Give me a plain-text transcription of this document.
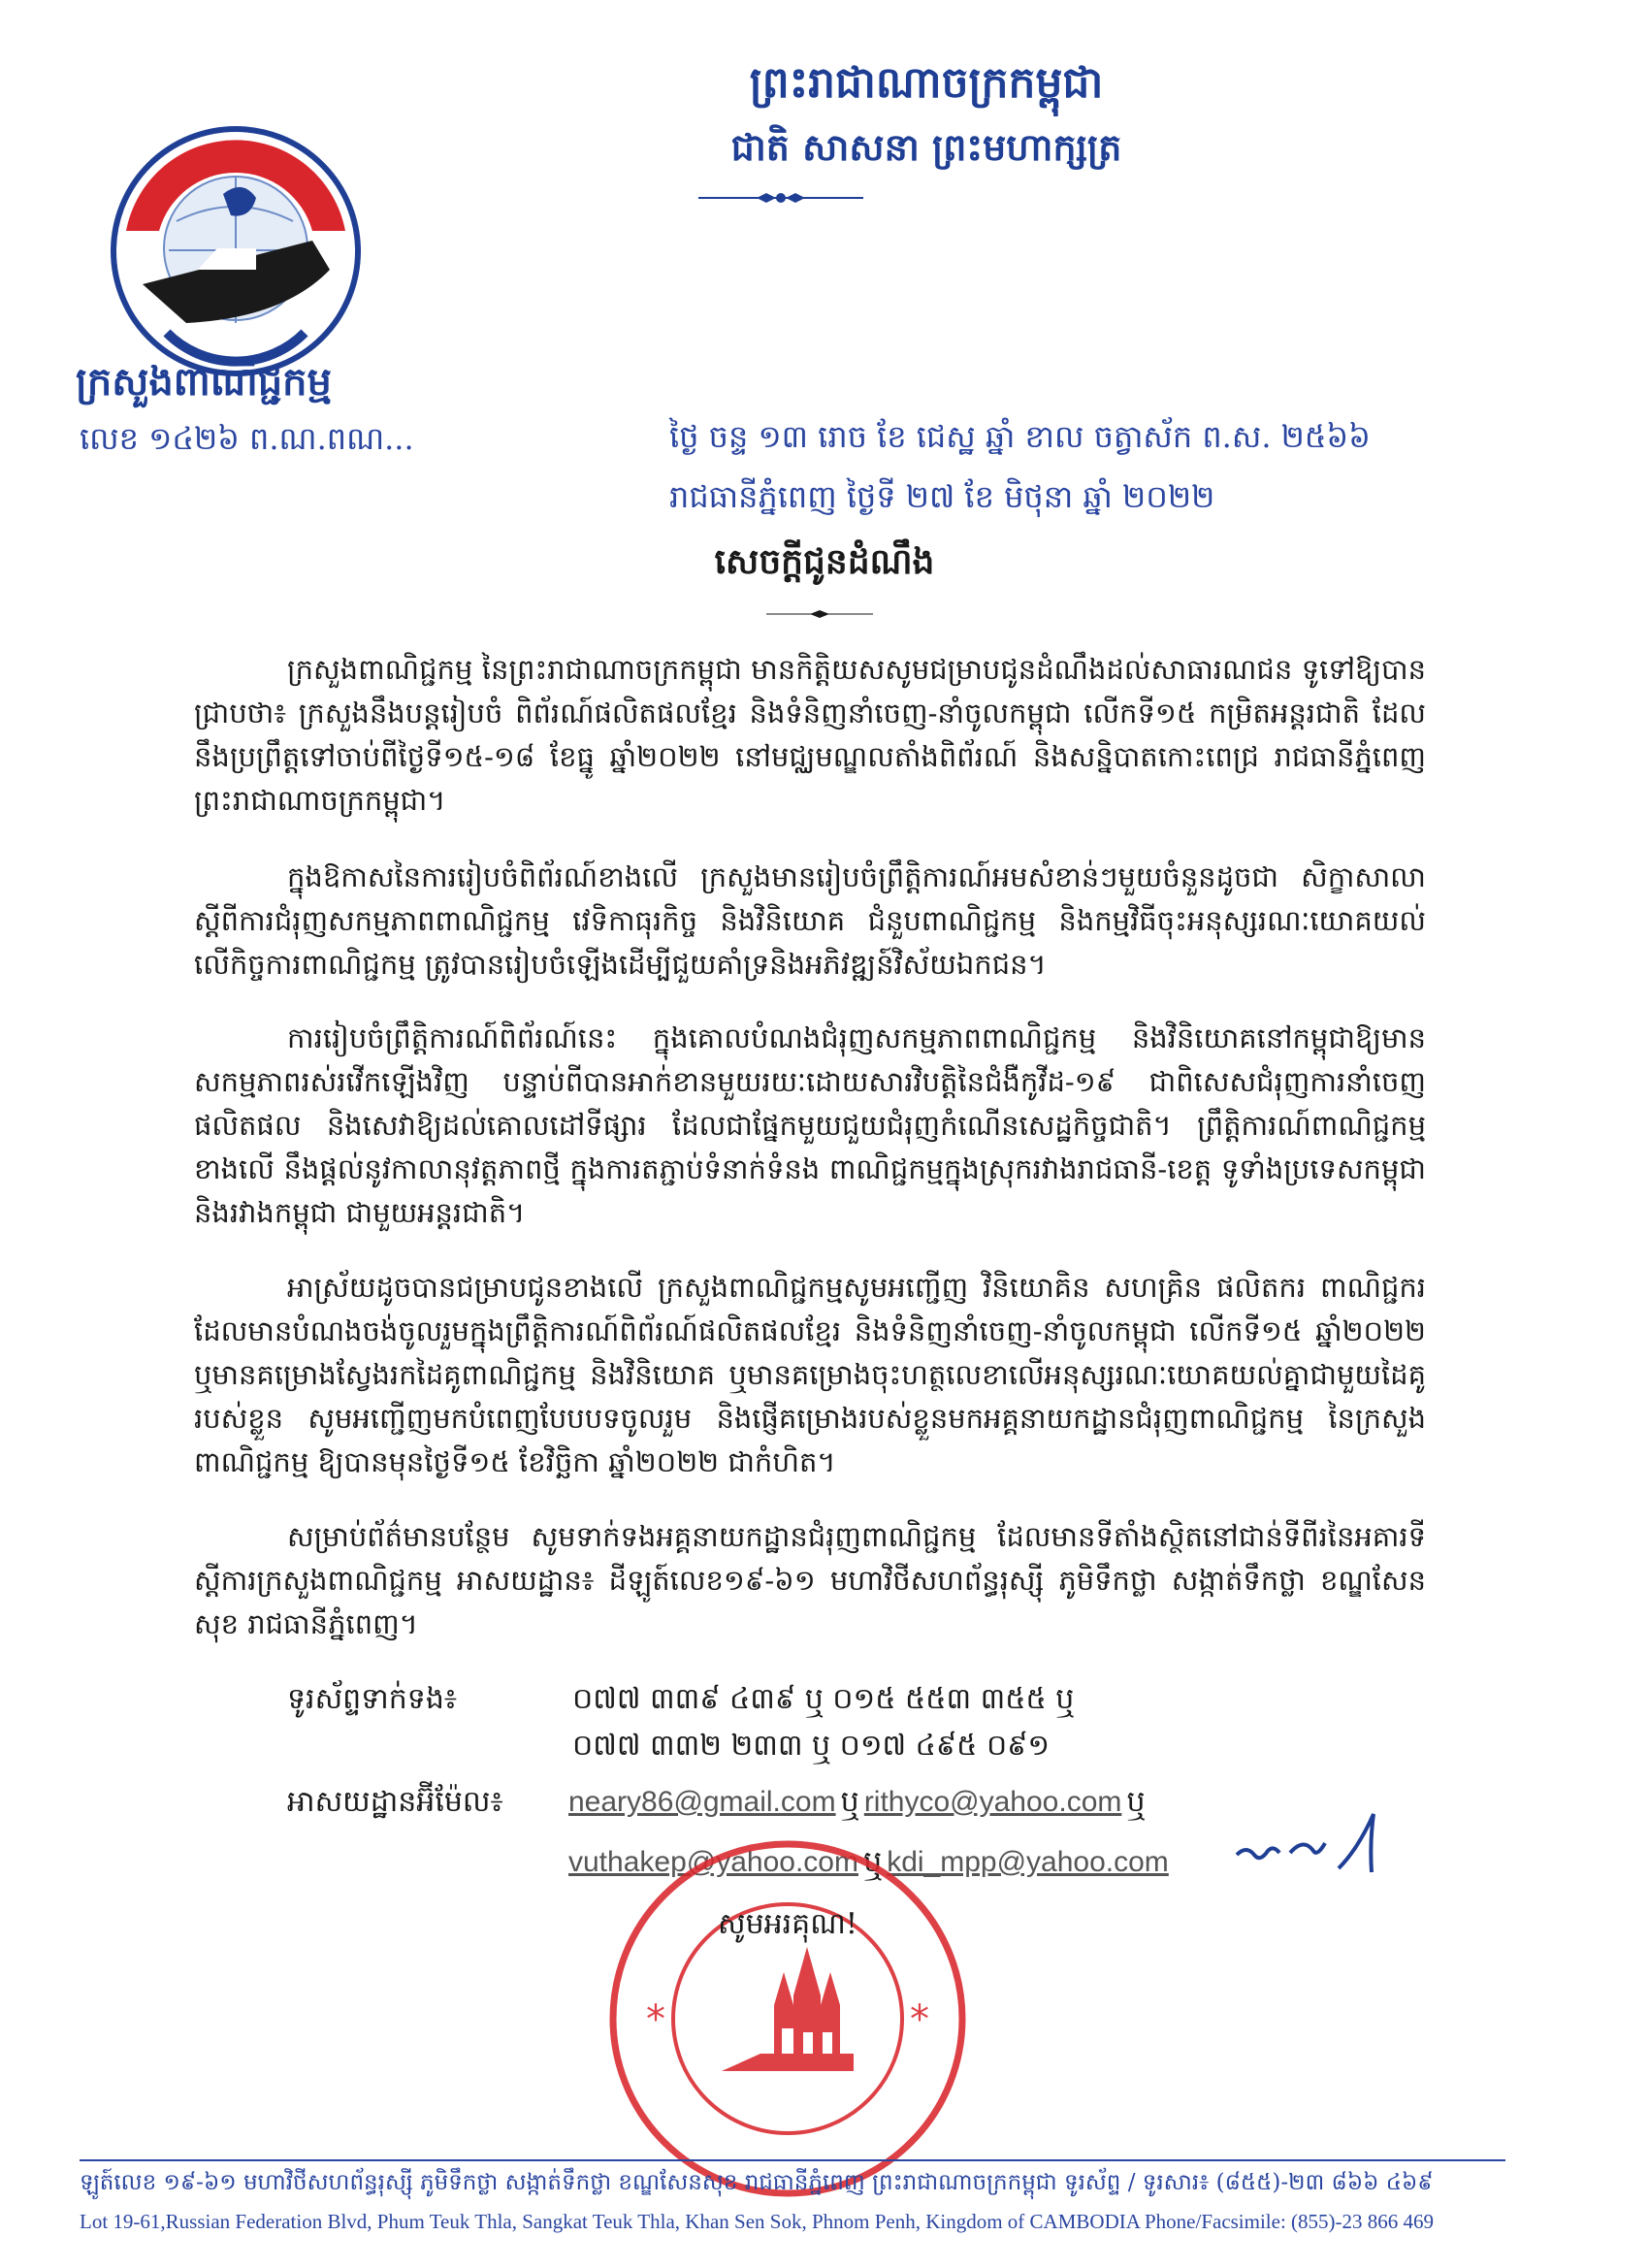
ព្រះរាជាណាចក្រកម្ពុជា
ជាតិ សាសនា ព្រះមហាក្សត្រ
ក្រសួងពាណិជ្ជកម្ម
លេខ ១៤២៦ ព.ណ.ពណ...	ថ្ងៃ ចន្ទ ១៣ រោច ខែ ជេស្ឋ ឆ្នាំ ខាល ចត្វាស័ក ព.ស. ២៥៦៦
រាជធានីភ្នំពេញ ថ្ងៃទី ២៧ ខែ មិថុនា ឆ្នាំ ២០២២
សេចក្តីជូនដំណឹង
ក្រសួងពាណិជ្ជកម្ម នៃព្រះរាជាណាចក្រកម្ពុជា មានកិត្តិយសសូមជម្រាបជូនដំណឹងដល់សាធារណជន ទូទៅឱ្យបានជ្រាបថា៖ ក្រសួងនឹងបន្តរៀបចំ ពិព័រណ៍ផលិតផលខ្មែរ និងទំនិញនាំចេញ-នាំចូលកម្ពុជា លើកទី១៥ កម្រិតអន្តរជាតិ ដែលនឹងប្រព្រឹត្តទៅចាប់ពីថ្ងៃទី១៥-១៨ ខែធ្នូ ឆ្នាំ២០២២ នៅមជ្ឈមណ្ឌលតាំងពិព័រណ៍ និងសន្និបាតកោះពេជ្រ រាជធានីភ្នំពេញ ព្រះរាជាណាចក្រកម្ពុជា។
ក្នុងឱកាសនៃការរៀបចំពិព័រណ៍ខាងលើ ក្រសួងមានរៀបចំព្រឹត្តិការណ៍អមសំខាន់ៗមួយចំនួនដូចជា សិក្ខាសាលាស្តីពីការជំរុញសកម្មភាពពាណិជ្ជកម្ម វេទិកាធុរកិច្ច និងវិនិយោគ ជំនួបពាណិជ្ជកម្ម និងកម្មវិធីចុះអនុស្សរណៈយោគយល់លើកិច្ចការពាណិជ្ជកម្ម ត្រូវបានរៀបចំឡើងដើម្បីជួយគាំទ្រនិងអភិវឌ្ឍន៍វិស័យឯកជន។
ការរៀបចំព្រឹត្តិការណ៍ពិព័រណ៍នេះ ក្នុងគោលបំណងជំរុញសកម្មភាពពាណិជ្ជកម្ម និងវិនិយោគនៅកម្ពុជាឱ្យមានសកម្មភាពរស់រវើកឡើងវិញ បន្ទាប់ពីបានអាក់ខានមួយរយៈដោយសារវិបត្តិនៃជំងឺកូវីដ-១៩ ជាពិសេសជំរុញការនាំចេញផលិតផល និងសេវាឱ្យដល់គោលដៅទីផ្សារ ដែលជាផ្នែកមួយជួយជំរុញកំណើនសេដ្ឋកិច្ចជាតិ។ ព្រឹត្តិការណ៍ពាណិជ្ជកម្មខាងលើ នឹងផ្តល់នូវកាលានុវត្តភាពថ្មី ក្នុងការតភ្ជាប់ទំនាក់ទំនង ពាណិជ្ជកម្មក្នុងស្រុករវាងរាជធានី-ខេត្ត ទូទាំងប្រទេសកម្ពុជា និងរវាងកម្ពុជា ជាមួយអន្តរជាតិ។
អាស្រ័យដូចបានជម្រាបជូនខាងលើ ក្រសួងពាណិជ្ជកម្មសូមអញ្ជើញ វិនិយោគិន សហគ្រិន ផលិតករ ពាណិជ្ជករ ដែលមានបំណងចង់ចូលរួមក្នុងព្រឹត្តិការណ៍ពិព័រណ៍ផលិតផលខ្មែរ និងទំនិញនាំចេញ-នាំចូលកម្ពុជា លើកទី១៥ ឆ្នាំ២០២២ ឬមានគម្រោងស្វែងរកដៃគូពាណិជ្ជកម្ម និងវិនិយោគ ឬមានគម្រោងចុះហត្ថលេខាលើអនុស្សរណៈយោគយល់គ្នាជាមួយដៃគូរបស់ខ្លួន សូមអញ្ជើញមកបំពេញបែបបទចូលរួម និងផ្ញើគម្រោងរបស់ខ្លួនមកអគ្គនាយកដ្ឋានជំរុញពាណិជ្ជកម្ម នៃក្រសួងពាណិជ្ជកម្ម ឱ្យបានមុនថ្ងៃទី១៥ ខែវិច្ឆិកា ឆ្នាំ២០២២ ជាកំហិត។
សម្រាប់ព័ត៌មានបន្ថែម សូមទាក់ទងអគ្គនាយកដ្ឋានជំរុញពាណិជ្ជកម្ម ដែលមានទីតាំងស្ថិតនៅជាន់ទីពីរនៃអគារទីស្តីការក្រសួងពាណិជ្ជកម្ម អាសយដ្ឋាន៖ ដីឡូត៍លេខ១៩-៦១ មហាវិថីសហព័ន្ធរុស្ស៊ី ភូមិទឹកថ្លា សង្កាត់ទឹកថ្លា ខណ្ឌសែនសុខ រាជធានីភ្នំពេញ។
ទូរស័ព្ទទាក់ទង៖	០៧៧ ៣៣៩ ៤៣៩ ឬ ០១៥ ៥៥៣ ៣៥៥ ឬ
០៧៧ ៣៣២ ២៣៣ ឬ ០១៧ ៤៩៥ ០៩១
អាសយដ្ឋានអ៊ីម៉ែល៖ neary86@gmail.com ឬ rithyco@yahoo.com ឬ
vuthakep@yahoo.com ឬ kdi_mpp@yahoo.com
*	*
សូមអរគុណ!
ឡូត៍លេខ ១៩-៦១ មហាវិថីសហព័ន្ធរុស្ស៊ី ភូមិទឹកថ្លា សង្កាត់ទឹកថ្លា ខណ្ឌសែនសុខ រាជធានីភ្នំពេញ ព្រះរាជាណាចក្រកម្ពុជា ទូរស័ព្ទ / ទូរសារ៖ (៨៥៥)-២៣ ៨៦៦ ៤៦៩
Lot 19-61,Russian Federation Blvd, Phum Teuk Thla, Sangkat Teuk Thla, Khan Sen Sok, Phnom Penh, Kingdom of CAMBODIA Phone/Facsimile: (855)-23 866 469
